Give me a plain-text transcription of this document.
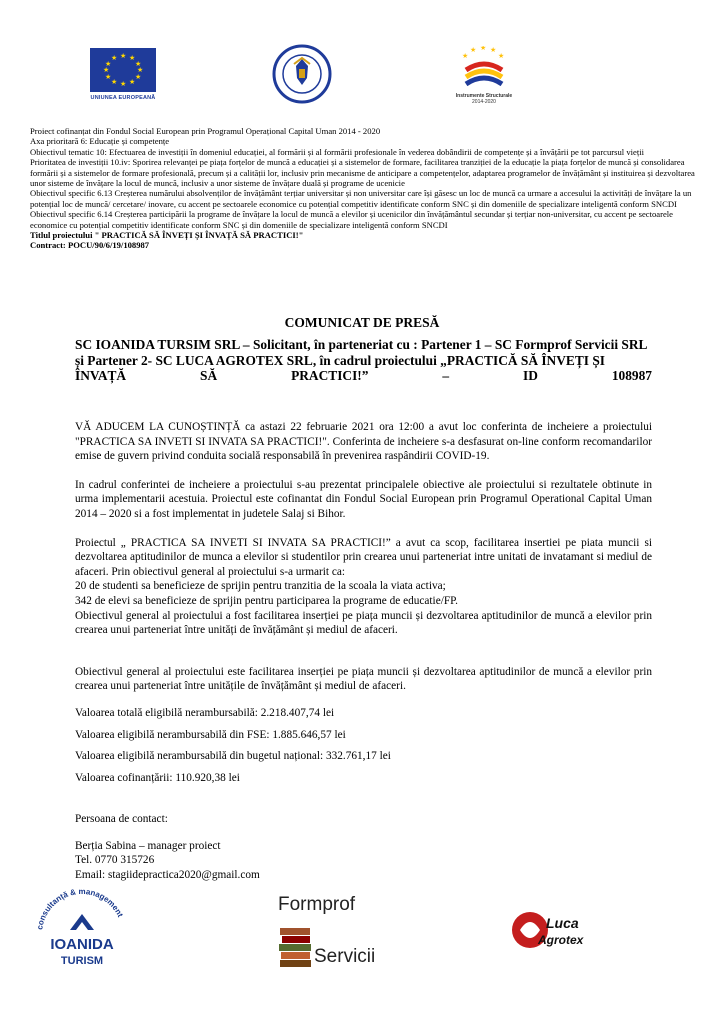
★ ★
★
★
★
★
★
★
★
★
★
★
UNIUNEA EUROPEANĂ
★
★ ★ ★
★
Instrumente Structurale
2014-2020

Proiect cofinanțat din Fondul Social European prin Programul Operațional Capital Uman 2014 - 2020

Axa prioritară 6: Educație și competențe

Obiectivul tematic 10: Efectuarea de investiții în domeniul educației, al formării și al formării profesionale în vederea dobândirii de competențe și a învățării pe tot parcursul vieții

Prioritatea de investiții 10.iv: Sporirea relevanței pe piața forțelor de muncă a educației și a sistemelor de formare, facilitarea tranziției de la educație la piața forțelor de muncă și consolidarea formării și a sistemelor de formare profesională, precum și a calității lor, inclusiv prin mecanisme de anticipare a competențelor, adaptarea programelor de învățământ și instituirea și dezvoltarea unor sisteme de învățare la locul de muncă, inclusiv a unor sisteme de învățare duală și programe de ucenicie

Obiectivul specific 6.13 Creșterea numărului absolvenților de învățământ terțiar universitar și non universitar care își găsesc un loc de muncă ca urmare a accesului la activități de învățare la un potențial loc de muncă/ cercetare/ inovare, cu accent pe sectoarele economice cu potențial competitiv identificate conform SNC și din domeniile de specializare inteligentă conform SNCDI

Obiectivul specific 6.14 Creșterea participării la programe de învățare la locul de muncă a elevilor și ucenicilor din învățământul secundar și terțiar non-universitar, cu accent pe sectoarele economice cu potențial competitiv identificate conform SNC și din domeniile de specializare inteligentă conform SNCDI

Titlul proiectului " PRACTICĂ SĂ ÎNVEȚI ȘI ÎNVAȚĂ SĂ PRACTICI!"

Contract: POCU/90/6/19/108987

COMUNICAT DE PRESĂ
SC IOANIDA TURSIM SRL – Solicitant, în parteneriat cu : Partener 1 – SC Formprof Servicii SRL
și Partener 2- SC LUCA AGROTEX SRL, în cadrul proiectului „PRACTICĂ SĂ ÎNVEȚI ȘI
ÎNVAȚĂ	SĂ	PRACTICI!”	–	ID	108987

VĂ ADUCEM LA CUNOȘTINȚĂ ca astazi 22 februarie 2021 ora 12:00 a avut loc conferinta de incheiere a proiectului "PRACTICA SA INVETI SI INVATA SA PRACTICI!". Conferinta de incheiere s-a desfasurat on-line conform recomandarilor emise de guvern privind conduita socială responsabilă în prevenirea raspândirii COVID-19.

In cadrul conferintei de incheiere a proiectului s-au prezentat principalele obiective ale proiectului si rezultatele obtinute in urma implementarii acestuia. Proiectul este cofinantat din Fondul Social European prin Programul Operational Capital Uman 2014 – 2020 si a fost implementat in judetele Salaj si Bihor.

Proiectul „ PRACTICA SA INVETI SI INVATA SA PRACTICI!” a avut ca scop, facilitarea insertiei pe piata muncii si dezvoltarea aptitudinilor de munca a elevilor si studentilor prin crearea unui parteneriat intre unitati de invatamant si mediul de afaceri. Prin obiectivul general al proiectului s-a urmarit ca:

20 de studenti sa beneficieze de sprijin pentru tranzitia de la scoala la viata activa;

342 de elevi sa beneficieze de sprijin pentru participarea la programe de educatie/FP.

Obiectivul general al proiectului a fost facilitarea inserției pe piața muncii și dezvoltarea aptitudinilor de muncă a elevilor prin crearea unui parteneriat între unități de învățământ și mediul de afaceri.

Obiectivul general al proiectului este facilitarea inserției pe piața muncii și dezvoltarea aptitudinilor de muncă a elevilor prin crearea unui parteneriat între unitățile de învățământ și mediul de afaceri.

Valoarea totală eligibilă nerambursabilă: 2.218.407,74 lei

Valoarea eligibilă nerambursabilă din FSE: 1.885.646,57 lei

Valoarea eligibilă nerambursabilă din bugetul național: 332.761,17 lei

Valoarea cofinanțării: 110.920,38 lei

Persoana de contact:

Berția Sabina – manager proiect

Tel. 0770 315726

Email: stagiidepractica2020@gmail.com

consultanță & management
IOANIDA
TURISM
Formprof
Servicii
Luca
Agrotex
